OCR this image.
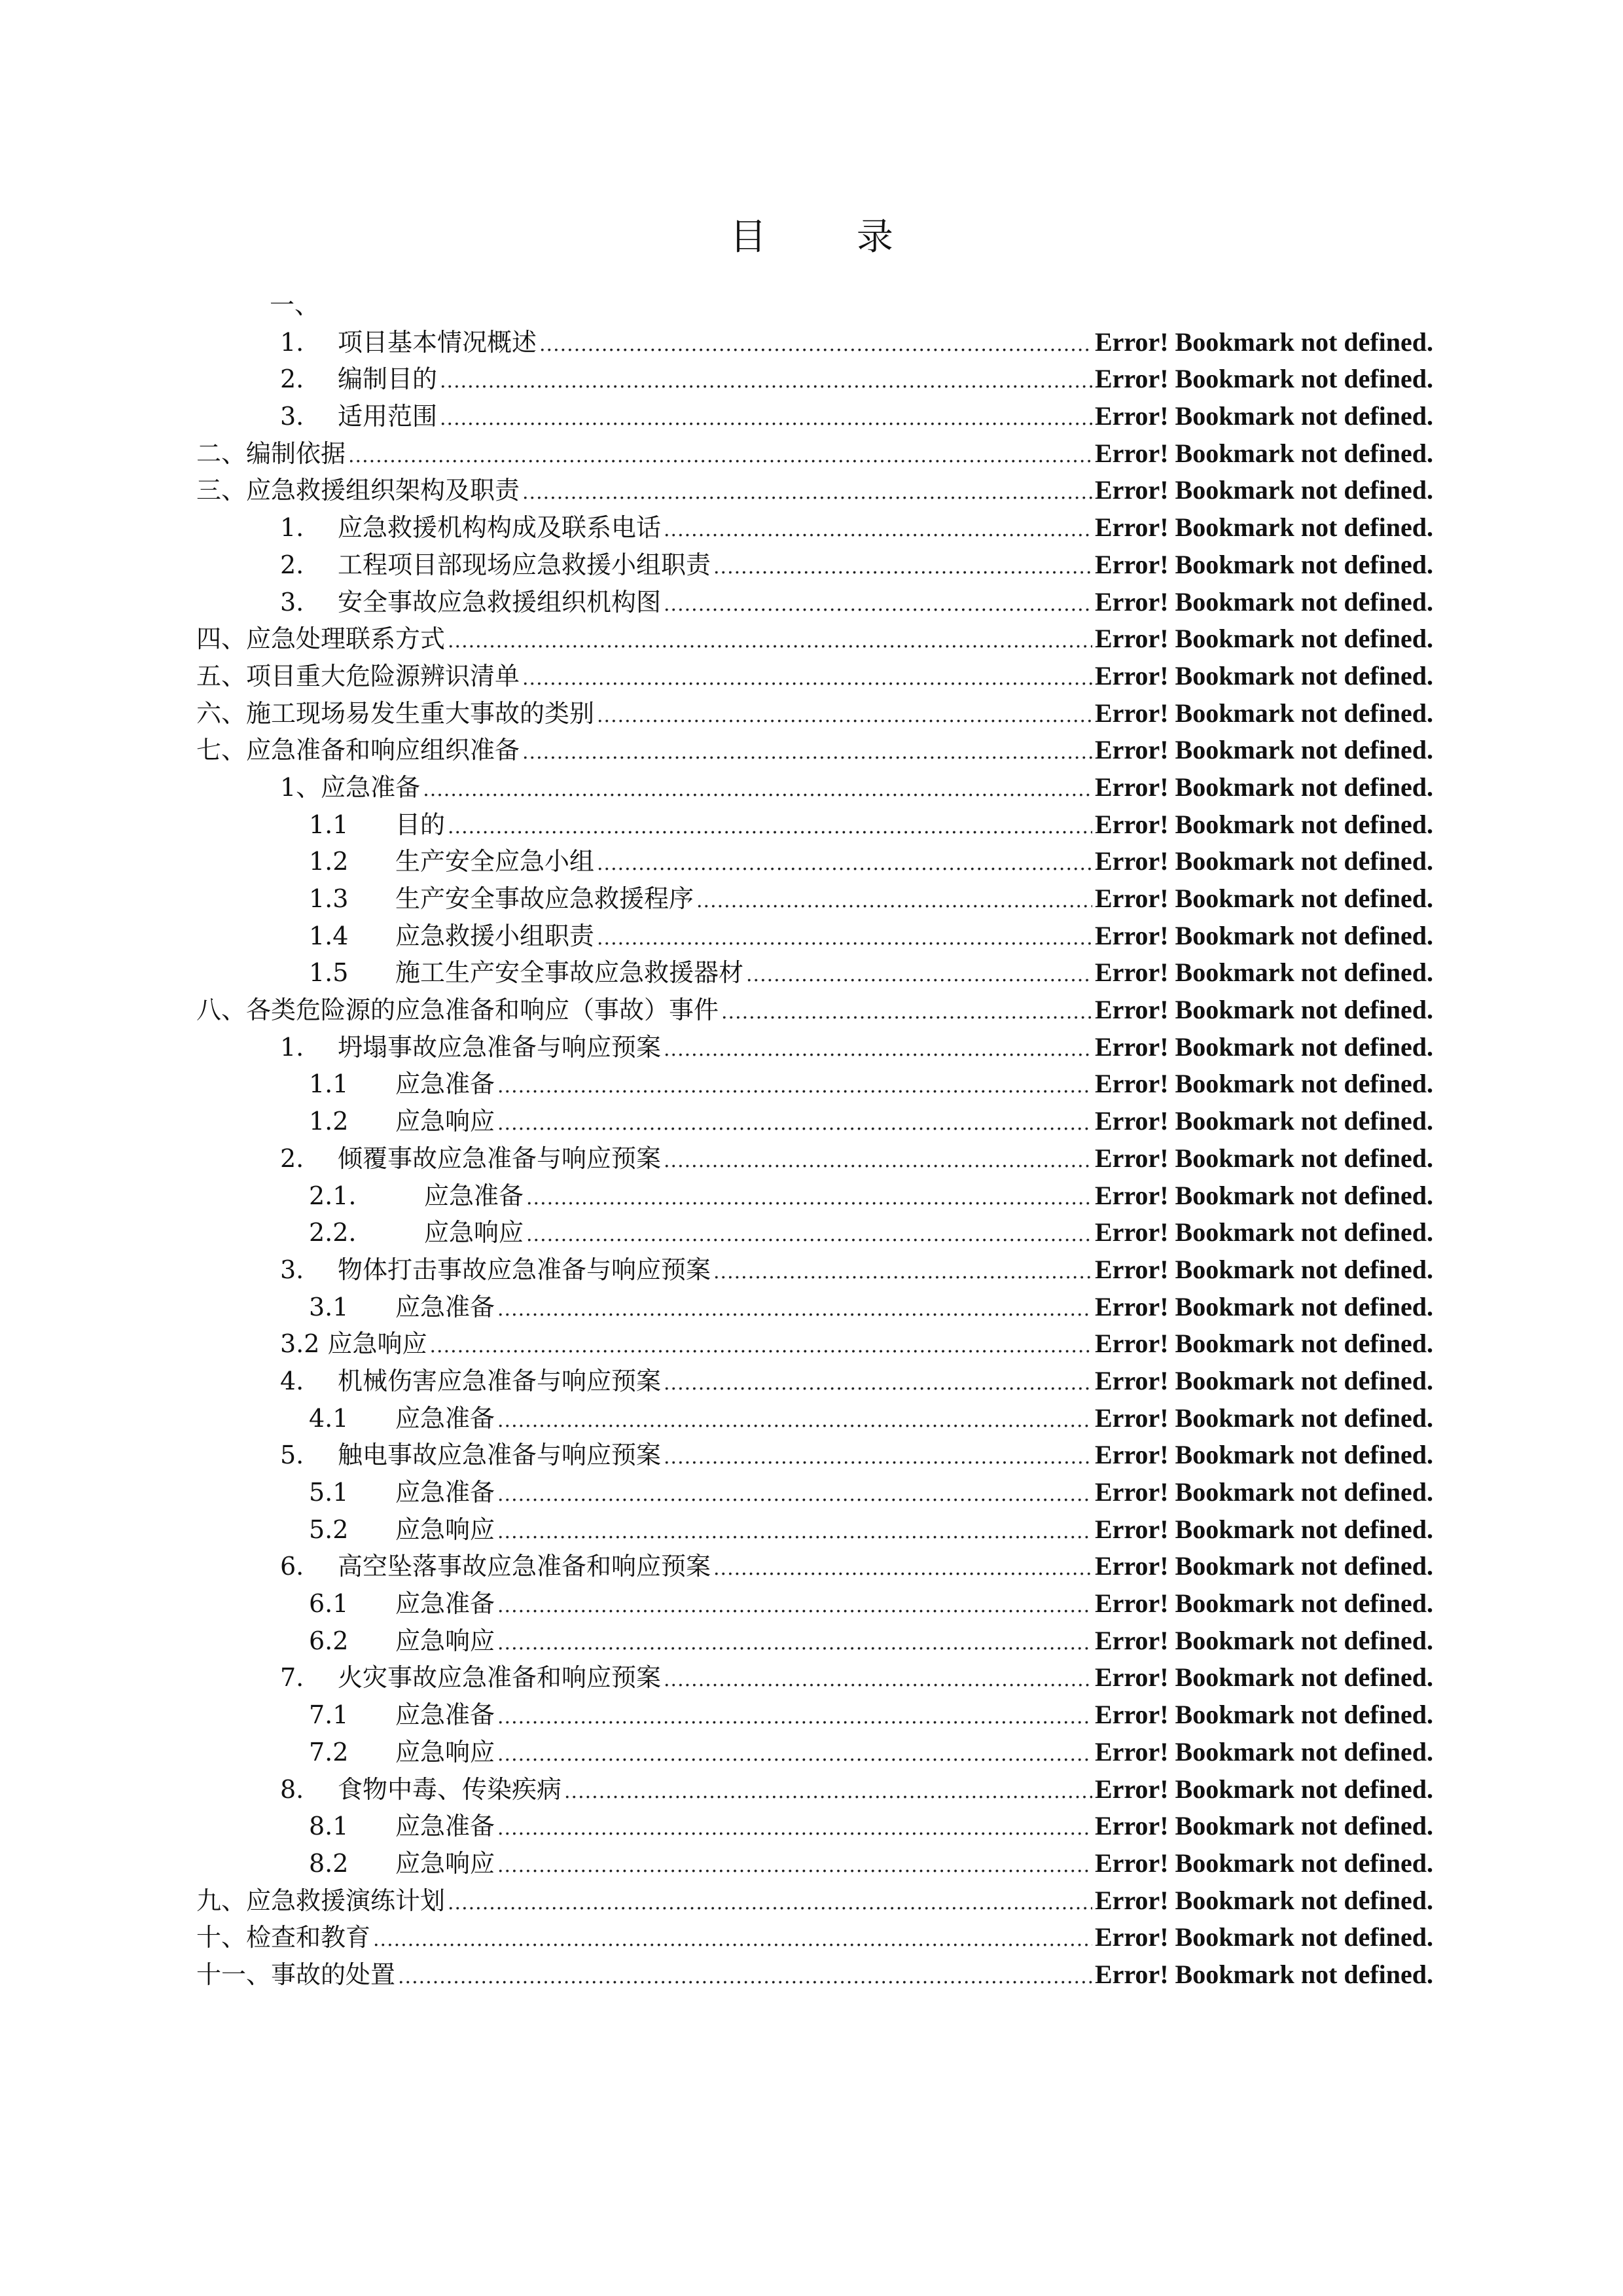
目 录
一、
1.	项目基本情况概述 .....	Error! Bookmark not defined.
2.	编制目的 .....	Error! Bookmark not defined.
3.	适用范围 .....	Error! Bookmark not defined.
二、编制依据 .....	Error! Bookmark not defined.
三、应急救援组织架构及职责 .....	Error! Bookmark not defined.
1.	应急救援机构构成及联系电话 .....	Error! Bookmark not defined.
2.	工程项目部现场应急救援小组职责 .....	Error! Bookmark not defined.
3.	安全事故应急救援组织机构图 .....	Error! Bookmark not defined.
四、应急处理联系方式 .....	Error! Bookmark not defined.
五、项目重大危险源辨识清单 .....	Error! Bookmark not defined.
六、施工现场易发生重大事故的类别 .....	Error! Bookmark not defined.
七、应急准备和响应组织准备 .....	Error! Bookmark not defined.
1、应急准备 .....	Error! Bookmark not defined.
1.1	目的 .....	Error! Bookmark not defined.
1.2	生产安全应急小组 .....	Error! Bookmark not defined.
1.3	生产安全事故应急救援程序 .....	Error! Bookmark not defined.
1.4	应急救援小组职责 .....	Error! Bookmark not defined.
1.5	施工生产安全事故应急救援器材 .....	Error! Bookmark not defined.
八、各类危险源的应急准备和响应（事故）事件 .....	Error! Bookmark not defined.
1.	坍塌事故应急准备与响应预案 .....	Error! Bookmark not defined.
1.1	应急准备 .....	Error! Bookmark not defined.
1.2	应急响应 .....	Error! Bookmark not defined.
2.	倾覆事故应急准备与响应预案 .....	Error! Bookmark not defined.
2.1.	应急准备 .....	Error! Bookmark not defined.
2.2.	应急响应 .....	Error! Bookmark not defined.
3.	物体打击事故应急准备与响应预案 .....	Error! Bookmark not defined.
3.1	应急准备 .....	Error! Bookmark not defined.
3.2 应急响应 .....	Error! Bookmark not defined.
4.	机械伤害应急准备与响应预案 .....	Error! Bookmark not defined.
4.1	应急准备 .....	Error! Bookmark not defined.
5.	触电事故应急准备与响应预案 .....	Error! Bookmark not defined.
5.1	应急准备 .....	Error! Bookmark not defined.
5.2	应急响应 .....	Error! Bookmark not defined.
6.	高空坠落事故应急准备和响应预案 .....	Error! Bookmark not defined.
6.1	应急准备 .....	Error! Bookmark not defined.
6.2	应急响应 .....	Error! Bookmark not defined.
7.	火灾事故应急准备和响应预案 .....	Error! Bookmark not defined.
7.1	应急准备 .....	Error! Bookmark not defined.
7.2	应急响应 .....	Error! Bookmark not defined.
8.	食物中毒、传染疾病 .....	Error! Bookmark not defined.
8.1	应急准备 .....	Error! Bookmark not defined.
8.2	应急响应 .....	Error! Bookmark not defined.
九、应急救援演练计划 .....	Error! Bookmark not defined.
十、检查和教育 .....	Error! Bookmark not defined.
十一、事故的处置 .....	Error! Bookmark not defined.
